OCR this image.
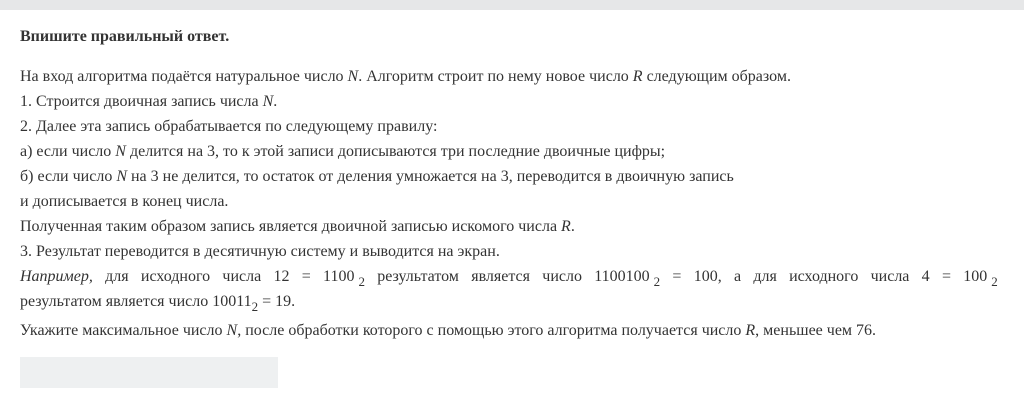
Впишите правильный ответ.
На вход алгоритма подаётся натуральное число N. Алгоритм строит по нему новое число R следующим образом.
1. Строится двоичная запись числа N.
2. Далее эта запись обрабатывается по следующему правилу:
а) если число N делится на 3, то к этой записи дописываются три последние двоичные цифры;
б) если число N на 3 не делится, то остаток от деления умножается на 3, переводится в двоичную запись
и дописывается в конец числа.
Полученная таким образом запись является двоичной записью искомого числа R.
3. Результат переводится в десятичную систему и выводится на экран.
Например, для исходного числа 12 = 1100 $_2$ результатом является число 1100100 $_2$ = 100, а для исходного числа 4 = 100 $_2$
результатом является число $10011_2 = 19$.
Укажите максимальное число N, после обработки которого с помощью этого алгоритма получается число R, меньшее чем 76.
